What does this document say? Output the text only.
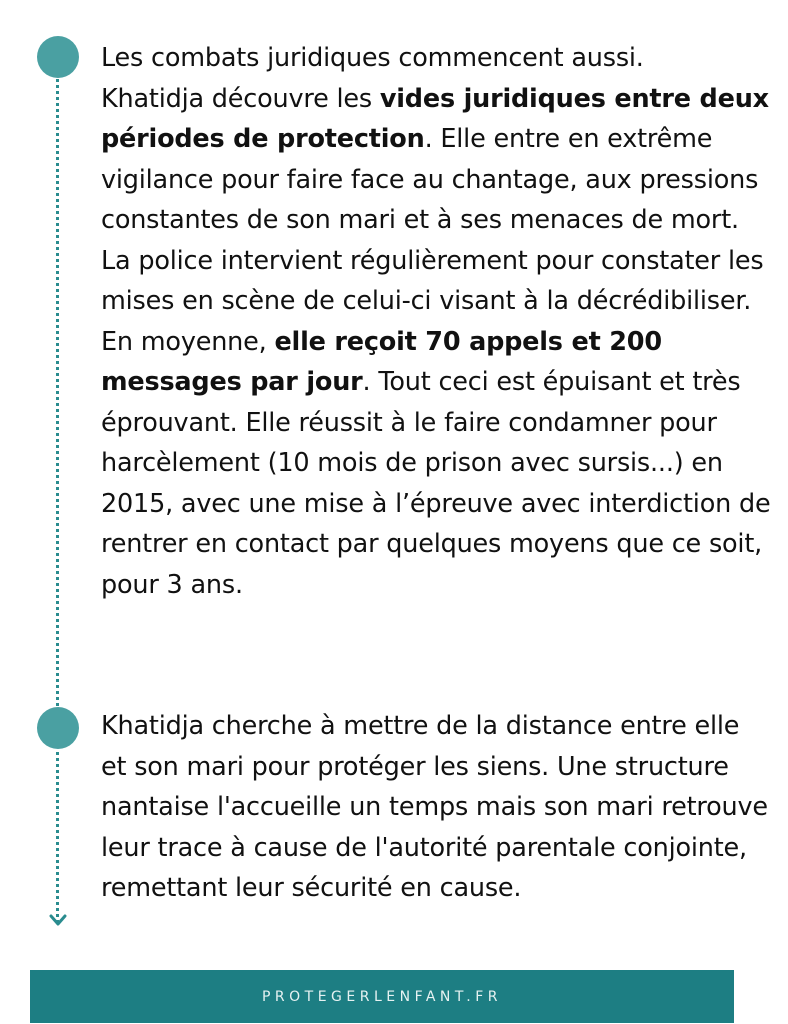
Les combats juridiques commencent aussi.
Khatidja découvre les vides juridiques entre deux périodes de protection. Elle entre en extrême vigilance pour faire face au chantage, aux pressions constantes de son mari et à ses menaces de mort. La police intervient régulièrement pour constater les mises en scène de celui-ci visant à la décrédibiliser.

En moyenne, elle reçoit 70 appels et 200 messages par jour. Tout ceci est épuisant et très éprouvant. Elle réussit à le faire condamner pour harcèlement (10 mois de prison avec sursis...) en 2015, avec une mise à l’épreuve avec interdiction de rentrer en contact par quelques moyens que ce soit, pour 3 ans.

Khatidja cherche à mettre de la distance entre elle et son mari pour protéger les siens. Une structure nantaise l'accueille un temps mais son mari retrouve leur trace à cause de l'autorité parentale conjointe, remettant leur sécurité en cause.

PROTEGERLENFANT.FR
